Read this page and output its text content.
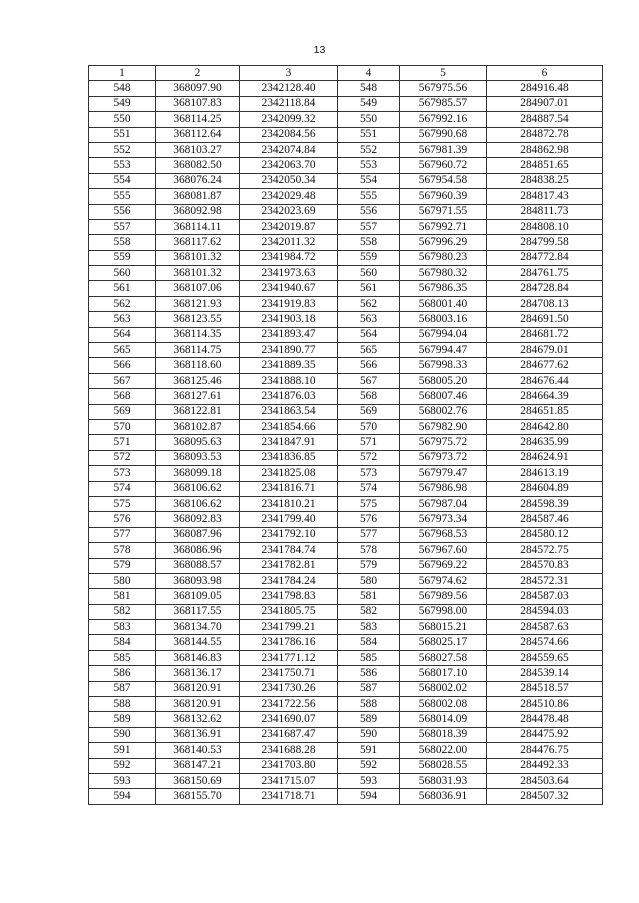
13
1	2	3	4	5	6
548	368097.90	2342128.40	548	567975.56	284916.48
549	368107.83	2342118.84	549	567985.57	284907.01
550	368114.25	2342099.32	550	567992.16	284887.54
551	368112.64	2342084.56	551	567990.68	284872.78
552	368103.27	2342074.84	552	567981.39	284862.98
553	368082.50	2342063.70	553	567960.72	284851.65
554	368076.24	2342050.34	554	567954.58	284838.25
555	368081.87	2342029.48	555	567960.39	284817.43
556	368092.98	2342023.69	556	567971.55	284811.73
557	368114.11	2342019.87	557	567992.71	284808.10
558	368117.62	2342011.32	558	567996.29	284799.58
559	368101.32	2341984.72	559	567980.23	284772.84
560	368101.32	2341973.63	560	567980.32	284761.75
561	368107.06	2341940.67	561	567986.35	284728.84
562	368121.93	2341919.83	562	568001.40	284708.13
563	368123.55	2341903.18	563	568003.16	284691.50
564	368114.35	2341893.47	564	567994.04	284681.72
565	368114.75	2341890.77	565	567994.47	284679.01
566	368118.60	2341889.35	566	567998.33	284677.62
567	368125.46	2341888.10	567	568005.20	284676.44
568	368127.61	2341876.03	568	568007.46	284664.39
569	368122.81	2341863.54	569	568002.76	284651.85
570	368102.87	2341854.66	570	567982.90	284642.80
571	368095.63	2341847.91	571	567975.72	284635.99
572	368093.53	2341836.85	572	567973.72	284624.91
573	368099.18	2341825.08	573	567979.47	284613.19
574	368106.62	2341816.71	574	567986.98	284604.89
575	368106.62	2341810.21	575	567987.04	284598.39
576	368092.83	2341799.40	576	567973.34	284587.46
577	368087.96	2341792.10	577	567968.53	284580.12
578	368086.96	2341784.74	578	567967.60	284572.75
579	368088.57	2341782.81	579	567969.22	284570.83
580	368093.98	2341784.24	580	567974.62	284572.31
581	368109.05	2341798.83	581	567989.56	284587.03
582	368117.55	2341805.75	582	567998.00	284594.03
583	368134.70	2341799.21	583	568015.21	284587.63
584	368144.55	2341786.16	584	568025.17	284574.66
585	368146.83	2341771.12	585	568027.58	284559.65
586	368136.17	2341750.71	586	568017.10	284539.14
587	368120.91	2341730.26	587	568002.02	284518.57
588	368120.91	2341722.56	588	568002.08	284510.86
589	368132.62	2341690.07	589	568014.09	284478.48
590	368136.91	2341687.47	590	568018.39	284475.92
591	368140.53	2341688.28	591	568022.00	284476.75
592	368147.21	2341703.80	592	568028.55	284492.33
593	368150.69	2341715.07	593	568031.93	284503.64
594	368155.70	2341718.71	594	568036.91	284507.32
